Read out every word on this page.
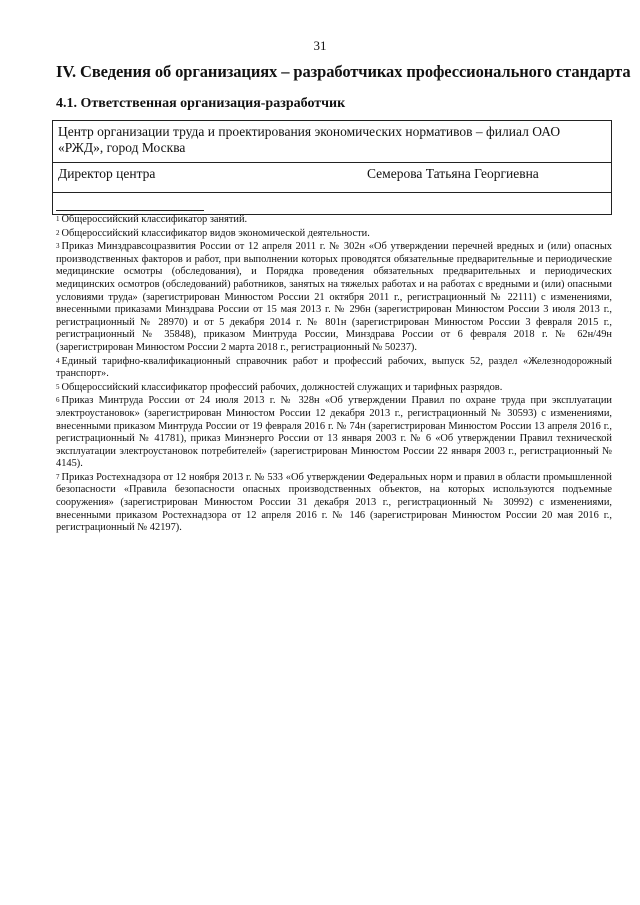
31
IV. Сведения об организациях – разработчиках профессионального стандарта
4.1. Ответственная организация-разработчик
Центр организации труда и проектирования экономических нормативов – филиал ОАО «РЖД», город Москва
Директор центра	Семерова Татьяна Георгиевна

$^1$ Общероссийский классификатор занятий.
$^2$ Общероссийский классификатор видов экономической деятельности.
$^3$ Приказ Минздравсоцразвития России от 12 апреля 2011 г. № 302н «Об утверждении перечней вредных и (или) опасных производственных факторов и работ, при выполнении которых проводятся обязательные предварительные и периодические медицинские осмотры (обследования), и Порядка проведения обязательных предварительных и периодических медицинских осмотров (обследований) работников, занятых на тяжелых работах и на работах с вредными и (или) опасными условиями труда» (зарегистрирован Минюстом России 21 октября 2011 г., регистрационный № 22111) с изменениями, внесенными приказами Минздрава России от 15 мая 2013 г. № 296н (зарегистрирован Минюстом России 3 июля 2013 г., регистрационный № 28970) и от 5 декабря 2014 г. № 801н (зарегистрирован Минюстом России 3 февраля 2015 г., регистрационный № 35848), приказом Минтруда России, Минздрава России от 6 февраля 2018 г. № 62н/49н (зарегистрирован Минюстом России 2 марта 2018 г., регистрационный № 50237).
$^4$ Единый тарифно-квалификационный справочник работ и профессий рабочих, выпуск 52, раздел «Железнодорожный транспорт».
$^5$ Общероссийский классификатор профессий рабочих, должностей служащих и тарифных разрядов.
$^6$ Приказ Минтруда России от 24 июля 2013 г. № 328н «Об утверждении Правил по охране труда при эксплуатации электроустановок» (зарегистрирован Минюстом России 12 декабря 2013 г., регистрационный № 30593) с изменениями, внесенными приказом Минтруда России от 19 февраля 2016 г. № 74н (зарегистрирован Минюстом России 13 апреля 2016 г., регистрационный № 41781), приказ Минэнерго России от 13 января 2003 г. № 6 «Об утверждении Правил технической эксплуатации электроустановок потребителей» (зарегистрирован Минюстом России 22 января 2003 г., регистрационный № 4145).
$^7$ Приказ Ростехнадзора от 12 ноября 2013 г. № 533 «Об утверждении Федеральных норм и правил в области промышленной безопасности «Правила безопасности опасных производственных объектов, на которых используются подъемные сооружения» (зарегистрирован Минюстом России 31 декабря 2013 г., регистрационный № 30992) с изменениями, внесенными приказом Ростехнадзора от 12 апреля 2016 г. № 146 (зарегистрирован Минюстом России 20 мая 2016 г., регистрационный № 42197).
